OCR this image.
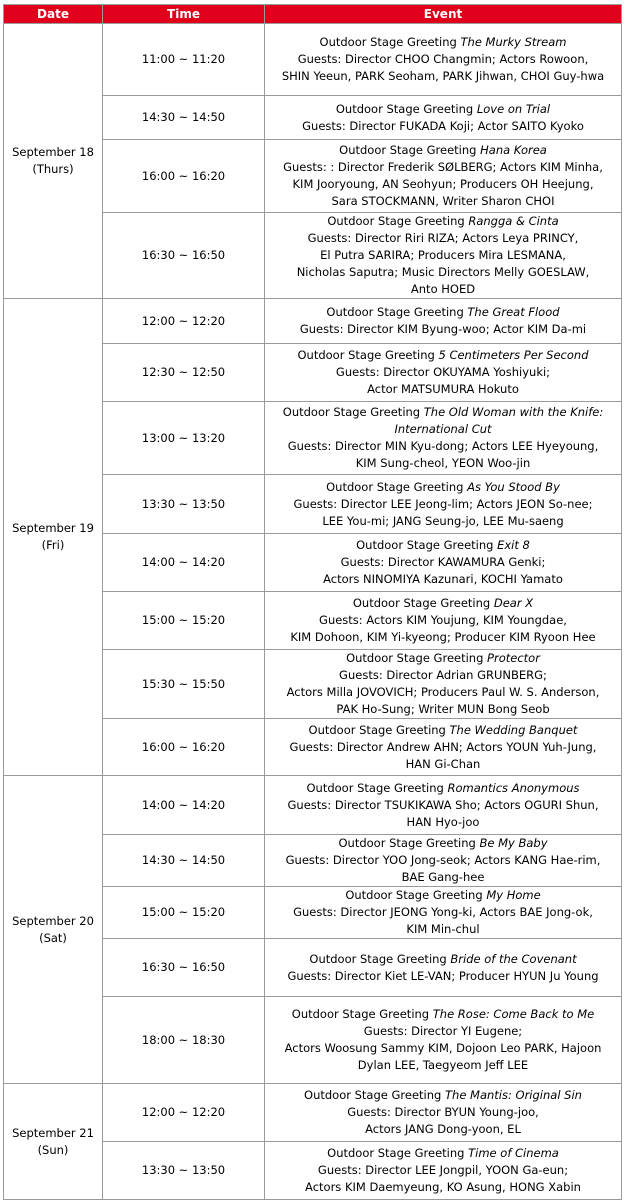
Date	Time	Event
September 18
(Thurs)	11:00 ~ 11:20	Outdoor Stage Greeting The Murky Stream
Guests: Director CHOO Changmin; Actors Rowoon,
SHIN Yeeun, PARK Seoham, PARK Jihwan, CHOI Guy-hwa

	14:30 ~ 14:50	Outdoor Stage Greeting Love on Trial
Guests: Director FUKADA Koji; Actor SAITO Kyoko

	16:00 ~ 16:20	Outdoor Stage Greeting Hana Korea
Guests: : Director Frederik SØLBERG; Actors KIM Minha,
KIM Jooryoung, AN Seohyun; Producers OH Heejung,
Sara STOCKMANN, Writer Sharon CHOI

	16:30 ~ 16:50	Outdoor Stage Greeting Rangga & Cinta
Guests: Director Riri RIZA; Actors Leya PRINCY,
El Putra SARIRA; Producers Mira LESMANA,
Nicholas Saputra; Music Directors Melly GOESLAW,
Anto HOED

September 19
(Fri)	12:00 ~ 12:20	Outdoor Stage Greeting The Great Flood
Guests: Director KIM Byung-woo; Actor KIM Da-mi

	12:30 ~ 12:50	Outdoor Stage Greeting 5 Centimeters Per Second
Guests: Director OKUYAMA Yoshiyuki;
Actor MATSUMURA Hokuto

	13:00 ~ 13:20	Outdoor Stage Greeting The Old Woman with the Knife:
International Cut
Guests: Director MIN Kyu-dong; Actors LEE Hyeyoung,
KIM Sung-cheol, YEON Woo-jin

	13:30 ~ 13:50	Outdoor Stage Greeting As You Stood By
Guests: Director LEE Jeong-lim; Actors JEON So-nee;
LEE You-mi; JANG Seung-jo, LEE Mu-saeng

	14:00 ~ 14:20	Outdoor Stage Greeting Exit 8
Guests: Director KAWAMURA Genki;
Actors NINOMIYA Kazunari, KOCHI Yamato

	15:00 ~ 15:20	Outdoor Stage Greeting Dear X
Guests: Actors KIM Youjung, KIM Youngdae,
KIM Dohoon, KIM Yi-kyeong; Producer KIM Ryoon Hee

	15:30 ~ 15:50	Outdoor Stage Greeting Protector
Guests: Director Adrian GRUNBERG;
Actors Milla JOVOVICH; Producers Paul W. S. Anderson,
PAK Ho-Sung; Writer MUN Bong Seob

	16:00 ~ 16:20	Outdoor Stage Greeting The Wedding Banquet
Guests: Director Andrew AHN; Actors YOUN Yuh-Jung,
HAN Gi-Chan

September 20
(Sat)	14:00 ~ 14:20	Outdoor Stage Greeting Romantics Anonymous
Guests: Director TSUKIKAWA Sho; Actors OGURI Shun,
HAN Hyo-joo

	14:30 ~ 14:50	Outdoor Stage Greeting Be My Baby
Guests: Director YOO Jong-seok; Actors KANG Hae-rim,
BAE Gang-hee

	15:00 ~ 15:20	Outdoor Stage Greeting My Home
Guests: Director JEONG Yong-ki, Actors BAE Jong-ok,
KIM Min-chul

	16:30 ~ 16:50	Outdoor Stage Greeting Bride of the Covenant
Guests: Director Kiet LE-VAN; Producer HYUN Ju Young

	18:00 ~ 18:30	Outdoor Stage Greeting The Rose: Come Back to Me
Guests: Director YI Eugene;
Actors Woosung Sammy KIM, Dojoon Leo PARK, Hajoon
Dylan LEE, Taegyeom Jeff LEE

September 21
(Sun)	12:00 ~ 12:20	Outdoor Stage Greeting The Mantis: Original Sin
Guests: Director BYUN Young-joo,
Actors JANG Dong-yoon, EL

	13:30 ~ 13:50	Outdoor Stage Greeting Time of Cinema
Guests: Director LEE Jongpil, YOON Ga-eun;
Actors KIM Daemyeung, KO Asung, HONG Xabin
